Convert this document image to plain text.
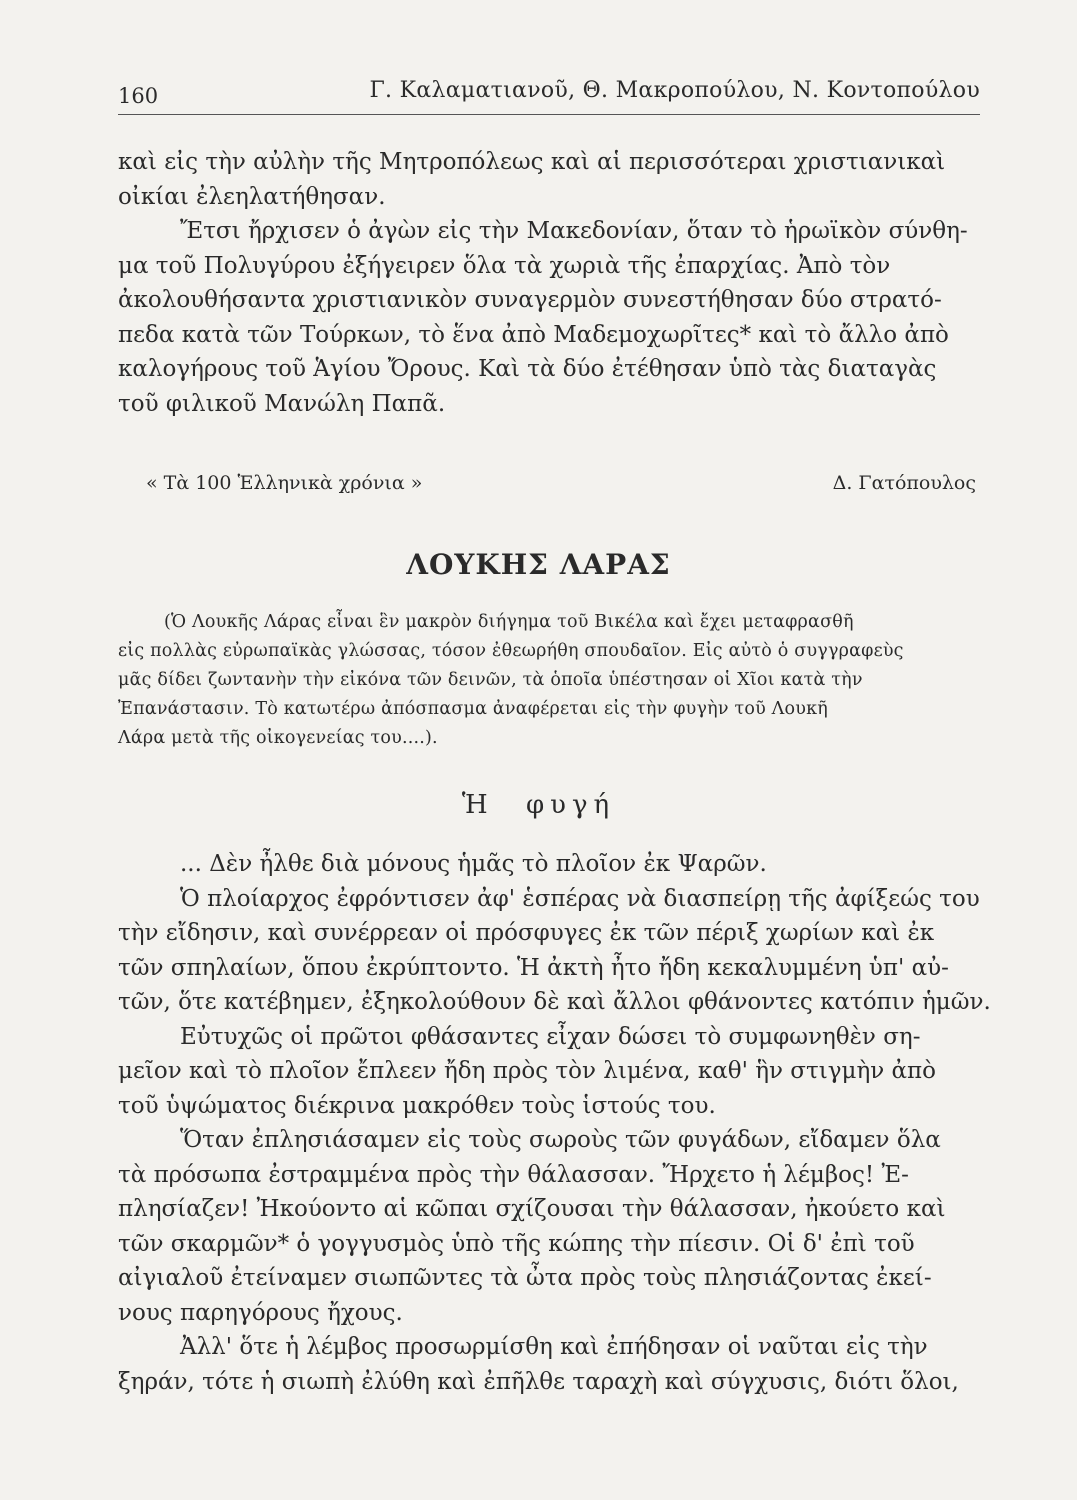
160	Γ. Καλαματιανοῦ, Θ. Μακροπούλου, Ν. Κοντοπούλου
καὶ εἰς τὴν αὐλὴν τῆς Μητροπόλεως καὶ αἱ περισσότεραι χριστιανικαὶ
οἰκίαι ἐλεηλατήθησαν.
Ἔτσι ἤρχισεν ὁ ἀγὼν εἰς τὴν Μακεδονίαν, ὅταν τὸ ἡρωϊκὸν σύνθη-
μα τοῦ Πολυγύρου ἐξήγειρεν ὅλα τὰ χωριὰ τῆς ἐπαρχίας. Ἀπὸ τὸν
ἀκολουθήσαντα χριστιανικὸν συναγερμὸν συνεστήθησαν δύο στρατό-
πεδα κατὰ τῶν Τούρκων, τὸ ἕνα ἀπὸ Μαδεμοχωρῖτες* καὶ τὸ ἄλλο ἀπὸ
καλογήρους τοῦ Ἁγίου Ὄρους. Καὶ τὰ δύο ἐτέθησαν ὑπὸ τὰς διαταγὰς
τοῦ φιλικοῦ Μανώλη Παπᾶ.
« Τὰ 100 Ἑλληνικὰ χρόνια »	Δ. Γατόπουλος
ΛΟΥΚΗΣ ΛΑΡΑΣ
(Ὁ Λουκῆς Λάρας εἶναι ἓν μακρὸν διήγημα τοῦ Βικέλα καὶ ἔχει μεταφρασθῆ
εἰς πολλὰς εὐρωπαϊκὰς γλώσσας, τόσον ἐθεωρήθη σπουδαῖον. Εἰς αὐτὸ ὁ συγγραφεὺς
μᾶς δίδει ζωντανὴν τὴν εἰκόνα τῶν δεινῶν, τὰ ὁποῖα ὑπέστησαν οἱ Χῖοι κατὰ τὴν
Ἐπανάστασιν. Τὸ κατωτέρω ἀπόσπασμα ἀναφέρεται εἰς τὴν φυγὴν τοῦ Λουκῆ
Λάρα μετὰ τῆς οἰκογενείας του....).
Ἡ φυγή
... Δὲν ἦλθε διὰ μόνους ἡμᾶς τὸ πλοῖον ἐκ Ψαρῶν.
Ὁ πλοίαρχος ἐφρόντισεν ἀφ' ἑσπέρας νὰ διασπείρῃ τῆς ἀφίξεώς του
τὴν εἴδησιν, καὶ συνέρρεαν οἱ πρόσφυγες ἐκ τῶν πέριξ χωρίων καὶ ἐκ
τῶν σπηλαίων, ὅπου ἐκρύπτοντο. Ἡ ἀκτὴ ἦτο ἤδη κεκαλυμμένη ὑπ' αὐ-
τῶν, ὅτε κατέβημεν, ἐξηκολούθουν δὲ καὶ ἄλλοι φθάνοντες κατόπιν ἡμῶν.
Εὐτυχῶς οἱ πρῶτοι φθάσαντες εἶχαν δώσει τὸ συμφωνηθὲν ση-
μεῖον καὶ τὸ πλοῖον ἔπλεεν ἤδη πρὸς τὸν λιμένα, καθ' ἣν στιγμὴν ἀπὸ
τοῦ ὑψώματος διέκρινα μακρόθεν τοὺς ἱστούς του.
Ὅταν ἐπλησιάσαμεν εἰς τοὺς σωροὺς τῶν φυγάδων, εἴδαμεν ὅλα
τὰ πρόσωπα ἐστραμμένα πρὸς τὴν θάλασσαν. Ἤρχετο ἡ λέμβος! Ἐ-
πλησίαζεν! Ἠκούοντο αἱ κῶπαι σχίζουσαι τὴν θάλασσαν, ἠκούετο καὶ
τῶν σκαρμῶν* ὁ γογγυσμὸς ὑπὸ τῆς κώπης τὴν πίεσιν. Οἱ δ' ἐπὶ τοῦ
αἰγιαλοῦ ἐτείναμεν σιωπῶντες τὰ ὦτα πρὸς τοὺς πλησιάζοντας ἐκεί-
νους παρηγόρους ἤχους.
Ἀλλ' ὅτε ἡ λέμβος προσωρμίσθη καὶ ἐπήδησαν οἱ ναῦται εἰς τὴν
ξηράν, τότε ἡ σιωπὴ ἐλύθη καὶ ἐπῆλθε ταραχὴ καὶ σύγχυσις, διότι ὅλοι,
